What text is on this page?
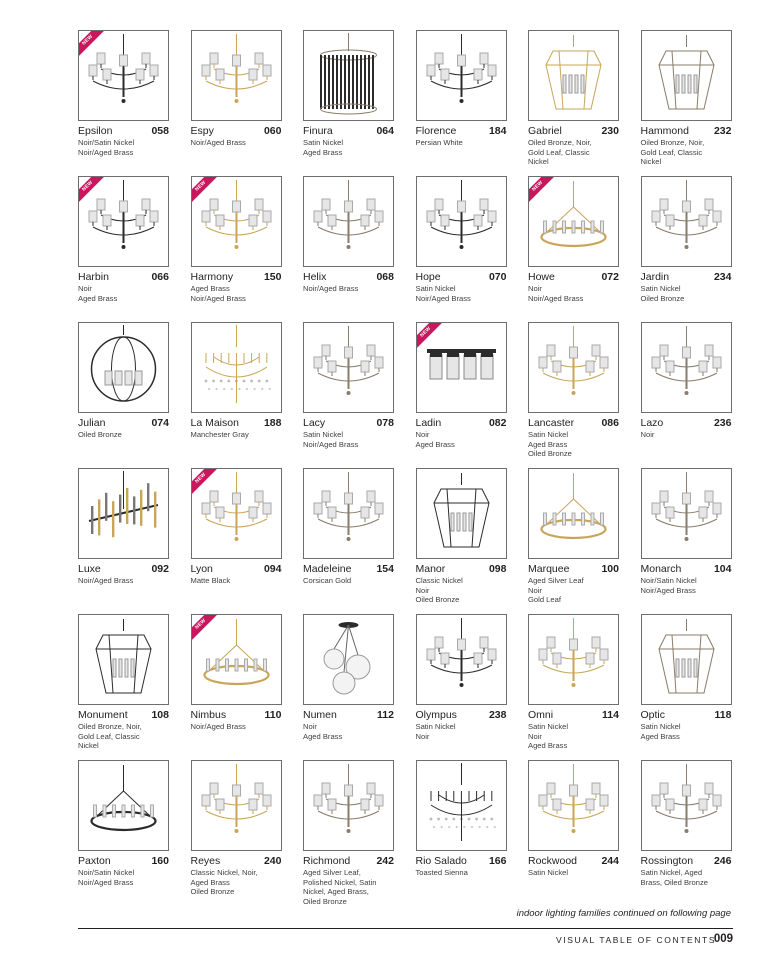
NEW
Epsilon	058
Noir/Satin Nickel
Noir/Aged Brass
Espy	060
Noir/Aged Brass
Finura	064
Satin Nickel
Aged Brass
Florence	184
Persian White
Gabriel	230
Oiled Bronze, Noir,
Gold Leaf, Classic
Nickel
Hammond 232
Oiled Bronze, Noir,
Gold Leaf, Classic
Nickel
NEW
Harbin	066
Noir
Aged Brass
NEW
Harmony	150
Aged Brass
Noir/Aged Brass
Helix	068
Noir/Aged Brass
Hope	070
Satin Nickel
Noir/Aged Brass
NEW
Howe	072
Noir
Noir/Aged Brass
Jardin	234
Satin Nickel
Oiled Bronze
Julian	074
Oiled Bronze
La Maison 188
Manchester Gray
Lacy	078
Satin Nickel
Noir/Aged Brass
NEW
Ladin	082
Noir
Aged Brass
Lancaster	086
Satin Nickel
Aged Brass
Oiled Bronze
Lazo	236
Noir
Luxe	092
Noir/Aged Brass
NEW
Lyon	094
Matte Black
Madeleine 154
Corsican Gold
Manor	098
Classic Nickel
Noir
Oiled Bronze
Marquee	100
Aged Silver Leaf
Noir
Gold Leaf
Monarch	104
Noir/Satin Nickel
Noir/Aged Brass
Monument 108
Oiled Bronze, Noir,
Gold Leaf, Classic
Nickel
NEW
Nimbus	110
Noir/Aged Brass
Numen	112
Noir
Aged Brass
Olympus	238
Satin Nickel
Noir
Omni	114
Satin Nickel
Noir
Aged Brass
Optic	118
Satin Nickel
Aged Brass
Paxton	160
Noir/Satin Nickel
Noir/Aged Brass
Reyes	240
Classic Nickel, Noir,
Aged Brass
Oiled Bronze
Richmond 242
Aged Silver Leaf,
Polished Nickel, Satin
Nickel, Aged Brass,
Oiled Bronze
Rio Salado 166
Toasted Sienna
Rockwood 244
Satin Nickel
Rossington 246
Satin Nickel, Aged
Brass, Oiled Bronze
indoor lighting families continued on following page
VISUAL TABLE OF CONTENTS
009
